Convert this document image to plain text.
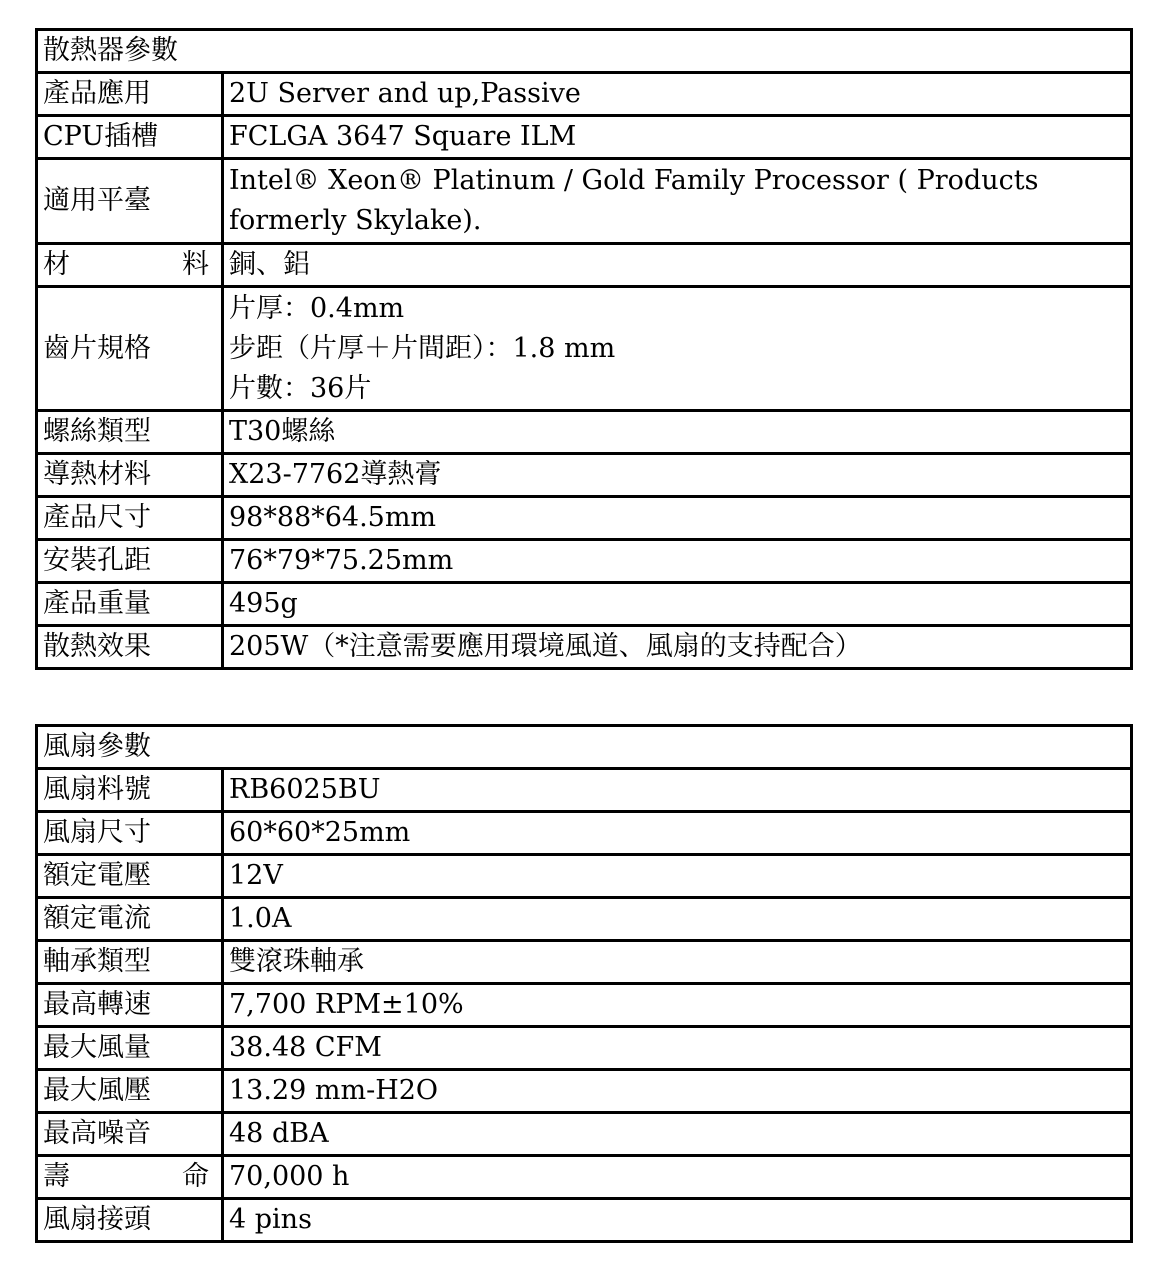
散熱器參數	
產品應用	2U Server and up,Passive
CPU插槽	FCLGA 3647 Square ILM
適用平臺	Intel® Xeon® Platinum / Gold Family Processor ( Products
formerly Skylake).

材 料	銅、鋁
齒片規格	片厚：0.4mm
步距（片厚＋片間距）：1.8 mm
片數：36片

螺絲類型	T30螺絲
導熱材料	X23-7762導熱膏
產品尺寸	98*88*64.5mm
安裝孔距	76*79*75.25mm
產品重量	495g
散熱效果	205W（*注意需要應用環境風道、風扇的支持配合）
風扇參數	
風扇料號	RB6025BU
風扇尺寸	60*60*25mm
額定電壓	12V
額定電流	1.0A
軸承類型	雙滾珠軸承
最高轉速	7,700 RPM±10%
最大風量	38.48 CFM
最大風壓	13.29 mm-H2O
最高噪音	48 dBA

壽 命	70,000 h
風扇接頭	4 pins
